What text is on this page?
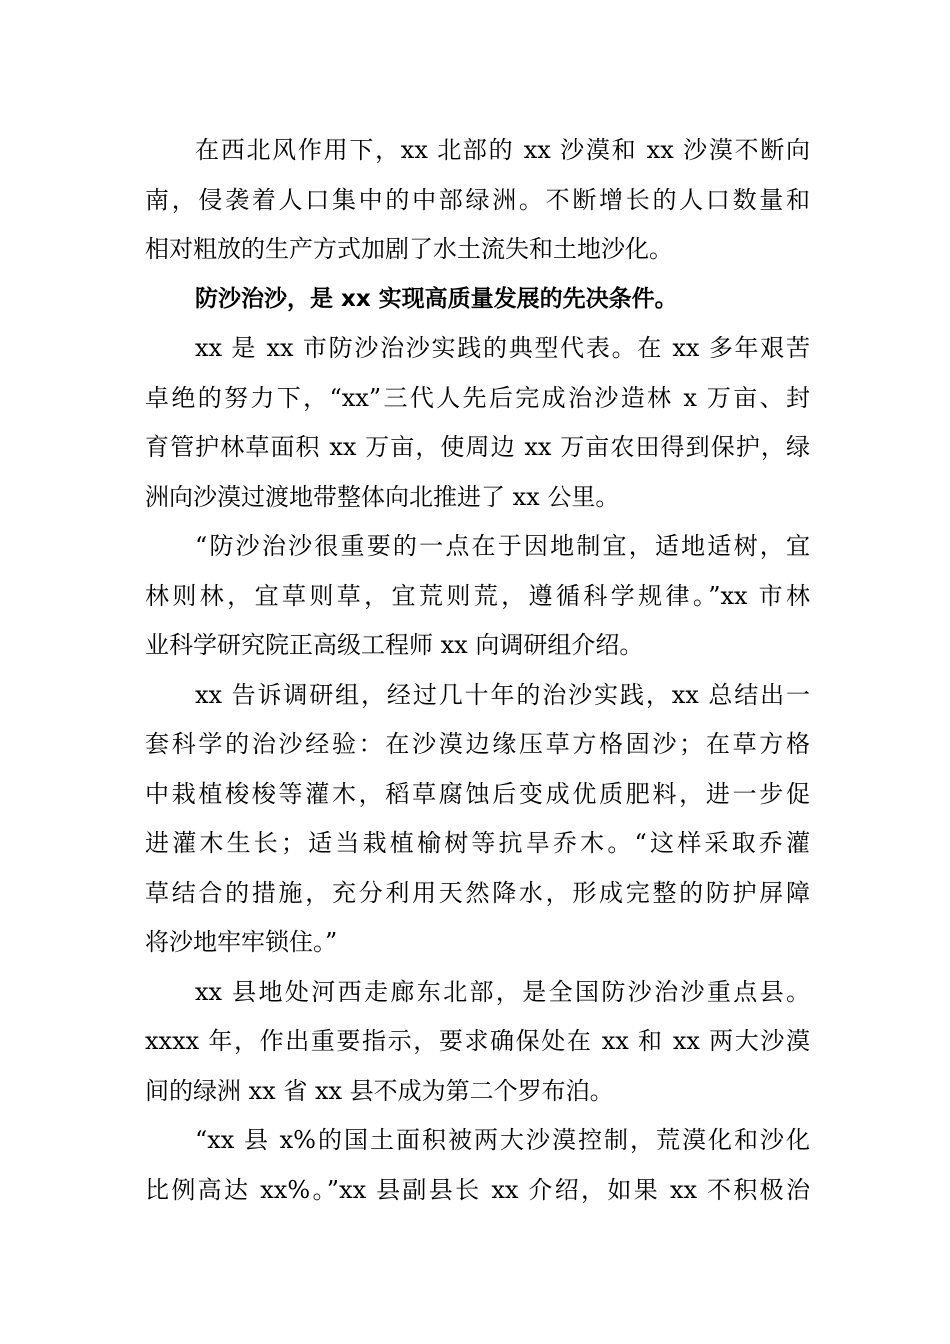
在西北风作用下，xx 北部的 xx 沙漠和 xx 沙漠不断向
南，侵袭着人口集中的中部绿洲。不断增长的人口数量和
相对粗放的生产方式加剧了水土流失和土地沙化。
防沙治沙，是 xx 实现高质量发展的先决条件。
xx 是 xx 市防沙治沙实践的典型代表。在 xx 多年艰苦
卓绝的努力下，“xx”三代人先后完成治沙造林 x 万亩、封
育管护林草面积 xx 万亩，使周边 xx 万亩农田得到保护，绿
洲向沙漠过渡地带整体向北推进了 xx 公里。
“防沙治沙很重要的一点在于因地制宜，适地适树，宜
林则林，宜草则草，宜荒则荒，遵循科学规律。”xx 市林
业科学研究院正高级工程师 xx 向调研组介绍。
xx 告诉调研组，经过几十年的治沙实践，xx 总结出一
套科学的治沙经验：在沙漠边缘压草方格固沙；在草方格
中栽植梭梭等灌木，稻草腐蚀后变成优质肥料，进一步促
进灌木生长；适当栽植榆树等抗旱乔木。“这样采取乔灌
草结合的措施，充分利用天然降水，形成完整的防护屏障
将沙地牢牢锁住。”
xx 县地处河西走廊东北部，是全国防沙治沙重点县。
xxxx 年，作出重要指示，要求确保处在 xx 和 xx 两大沙漠
间的绿洲 xx 省 xx 县不成为第二个罗布泊。
“xx 县 x%的国土面积被两大沙漠控制，荒漠化和沙化
比例高达 xx%。”xx 县副县长 xx 介绍，如果 xx 不积极治
